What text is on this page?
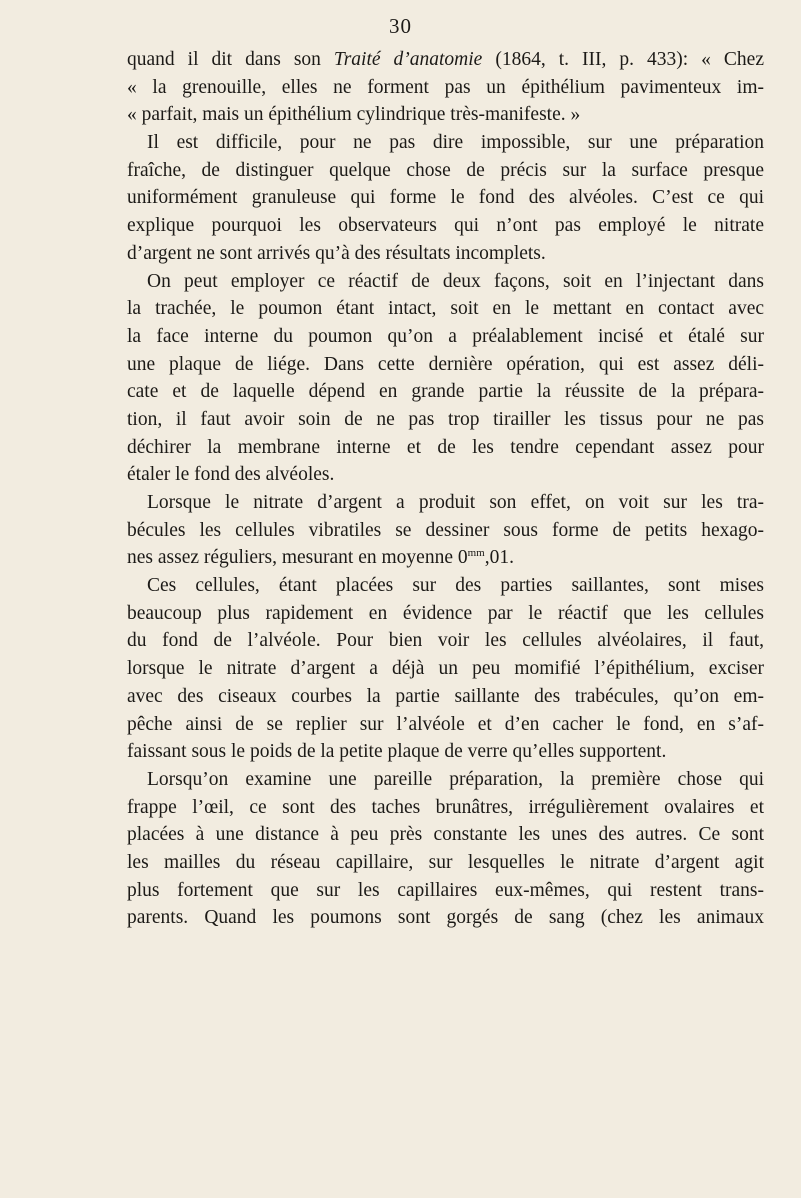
30
quand il dit dans son Traité d’anatomie (1864, t. III, p. 433): « Chez
« la grenouille, elles ne forment pas un épithélium pavimenteux im-
« parfait, mais un épithélium cylindrique très-manifeste. »
Il est difficile, pour ne pas dire impossible, sur une préparation
fraîche, de distinguer quelque chose de précis sur la surface presque
uniformément granuleuse qui forme le fond des alvéoles. C’est ce qui
explique pourquoi les observateurs qui n’ont pas employé le nitrate
d’argent ne sont arrivés qu’à des résultats incomplets.
On peut employer ce réactif de deux façons, soit en l’injectant dans
la trachée, le poumon étant intact, soit en le mettant en contact avec
la face interne du poumon qu’on a préalablement incisé et étalé sur
une plaque de liége. Dans cette dernière opération, qui est assez déli-
cate et de laquelle dépend en grande partie la réussite de la prépara-
tion, il faut avoir soin de ne pas trop tirailler les tissus pour ne pas
déchirer la membrane interne et de les tendre cependant assez pour
étaler le fond des alvéoles.
Lorsque le nitrate d’argent a produit son effet, on voit sur les tra-
bécules les cellules vibratiles se dessiner sous forme de petits hexago-
nes assez réguliers, mesurant en moyenne $0^{mm},01$.
Ces cellules, étant placées sur des parties saillantes, sont mises
beaucoup plus rapidement en évidence par le réactif que les cellules
du fond de l’alvéole. Pour bien voir les cellules alvéolaires, il faut,
lorsque le nitrate d’argent a déjà un peu momifié l’épithélium, exciser
avec des ciseaux courbes la partie saillante des trabécules, qu’on em-
pêche ainsi de se replier sur l’alvéole et d’en cacher le fond, en s’af-
faissant sous le poids de la petite plaque de verre qu’elles supportent.
Lorsqu’on examine une pareille préparation, la première chose qui
frappe l’œil, ce sont des taches brunâtres, irrégulièrement ovalaires et
placées à une distance à peu près constante les unes des autres. Ce sont
les mailles du réseau capillaire, sur lesquelles le nitrate d’argent agit
plus fortement que sur les capillaires eux-mêmes, qui restent trans-
parents. Quand les poumons sont gorgés de sang (chez les animaux
